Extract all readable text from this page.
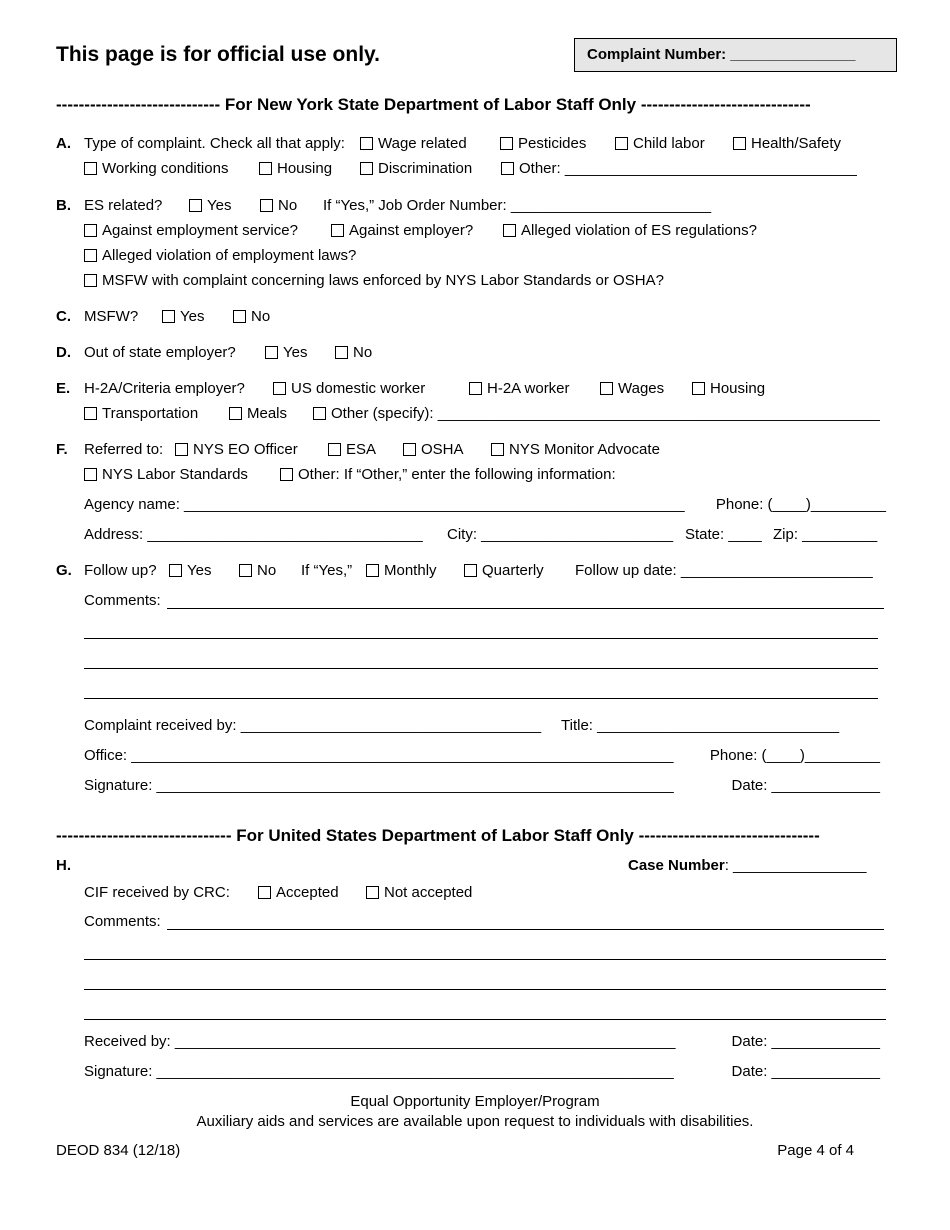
This page is for official use only.	Complaint Number: _______________
----------------------------- For New York State Department of Labor Staff Only ------------------------------
A. Type of complaint. Check all that apply:	Wage related	Pesticides	Child labor	Health/Safety
Working conditions	Housing	Discrimination	Other: ___________________________________
B. ES related?	Yes	No If “Yes,” Job Order Number: ________________________
Against employment service?	Against employer?	Alleged violation of ES regulations?
Alleged violation of employment laws?
MSFW with complaint concerning laws enforced by NYS Labor Standards or OSHA?
C. MSFW?	Yes	No
D. Out of state employer?	Yes	No
E. H-2A/Criteria employer?	US domestic worker	H-2A worker	Wages	Housing
Transportation	Meals	Other (specify): _____________________________________________________
F. Referred to:	NYS EO Officer	ESA	OSHA	NYS Monitor Advocate
NYS Labor Standards	Other: If “Other,” enter the following information:
Agency name: ____________________________________________________________	Phone: (____)_________
Address: _________________________________ City: _______________________ State: ____ Zip: _________
G. Follow up?	Yes	No If “Yes,”	Monthly	Quarterly Follow up date: _______________________
Comments:
Complaint received by: ____________________________________ Title: _____________________________
Office: _________________________________________________________________	Phone: (____)_________
Signature: ______________________________________________________________	Date: _____________
------------------------------- For United States Department of Labor Staff Only --------------------------------
H.	Case Number: ________________
CIF received by CRC:	Accepted	Not accepted
Comments:
Received by: ____________________________________________________________	Date: _____________
Signature: ______________________________________________________________	Date: _____________
Equal Opportunity Employer/Program
Auxiliary aids and services are available upon request to individuals with disabilities.
DEOD 834 (12/18)	Page 4 of 4
